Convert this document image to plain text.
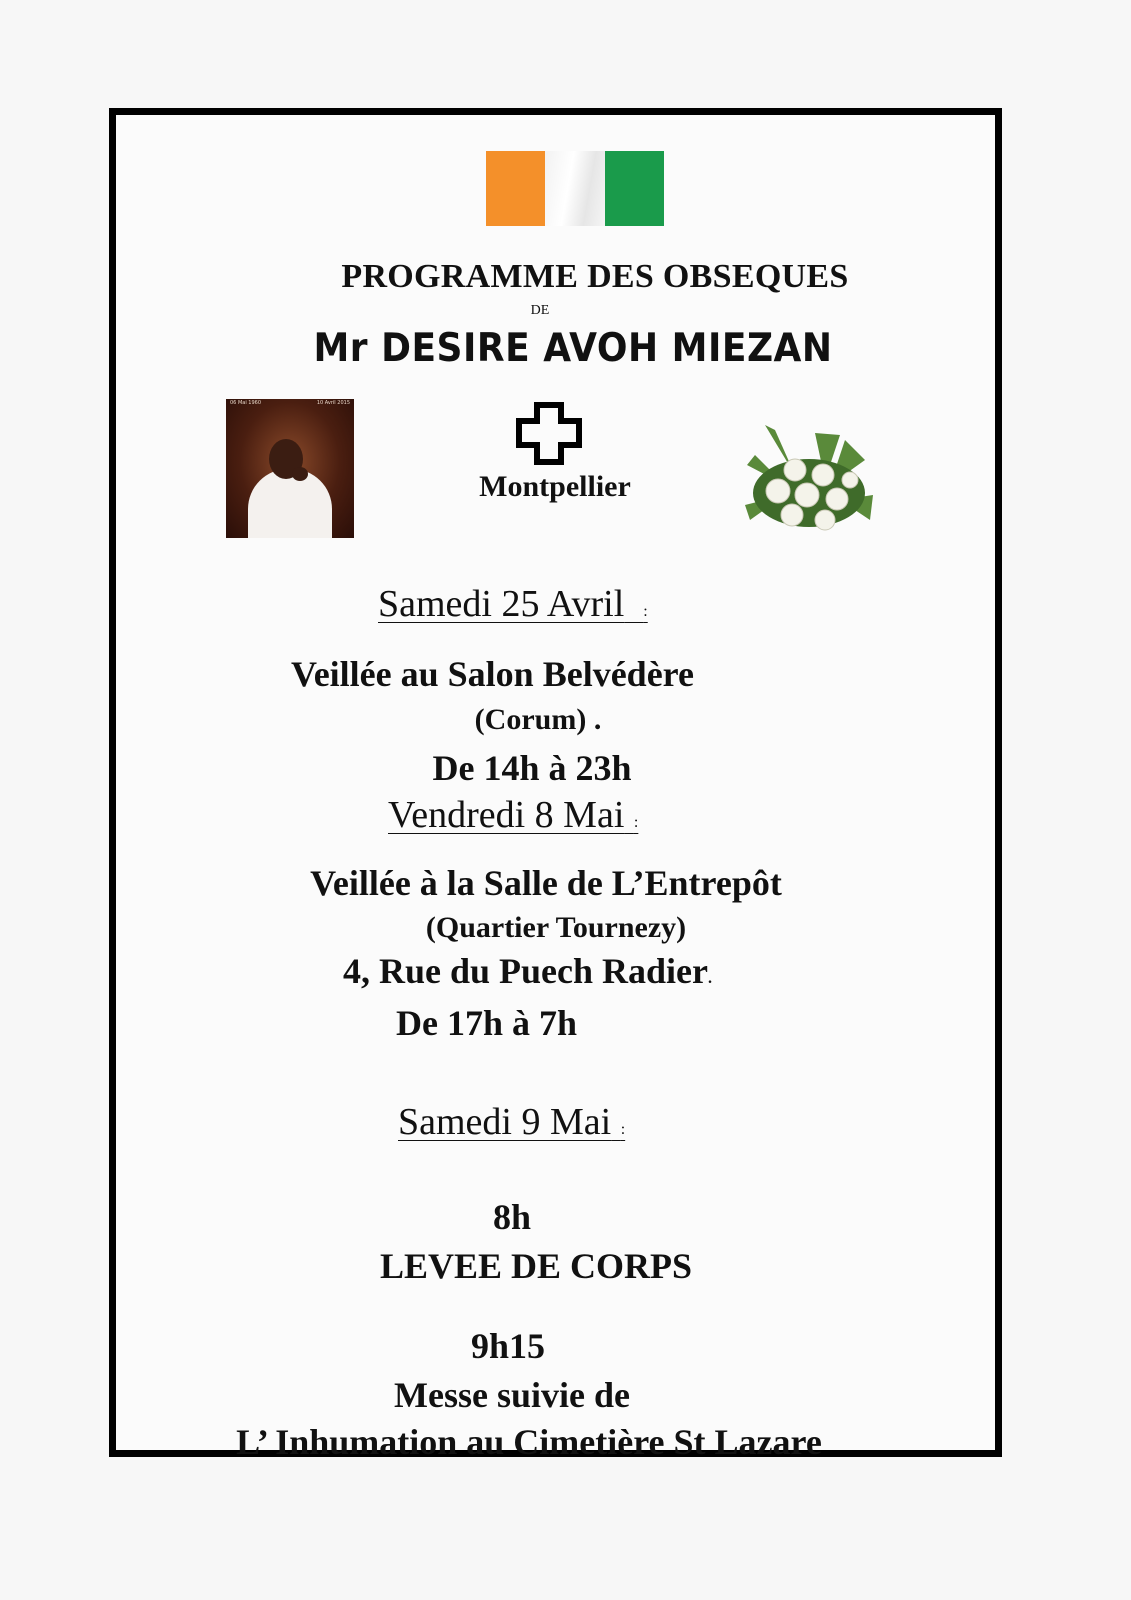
PROGRAMME DES OBSEQUES
DE
Mr DESIRE AVOH MIEZAN
06 Mai 1960	10 Avril 2015
Montpellier
Samedi 25 Avril :
Veillée au Salon Belvédère
(Corum) .
De 14h à 23h
Vendredi 8 Mai :
Veillée à la Salle de L’Entrepôt
(Quartier Tournezy)
4, Rue du Puech Radier.
De 17h à 7h
Samedi 9 Mai :
8h
LEVEE DE CORPS
9h15
Messe suivie de
L’ Inhumation au Cimetière St Lazare
